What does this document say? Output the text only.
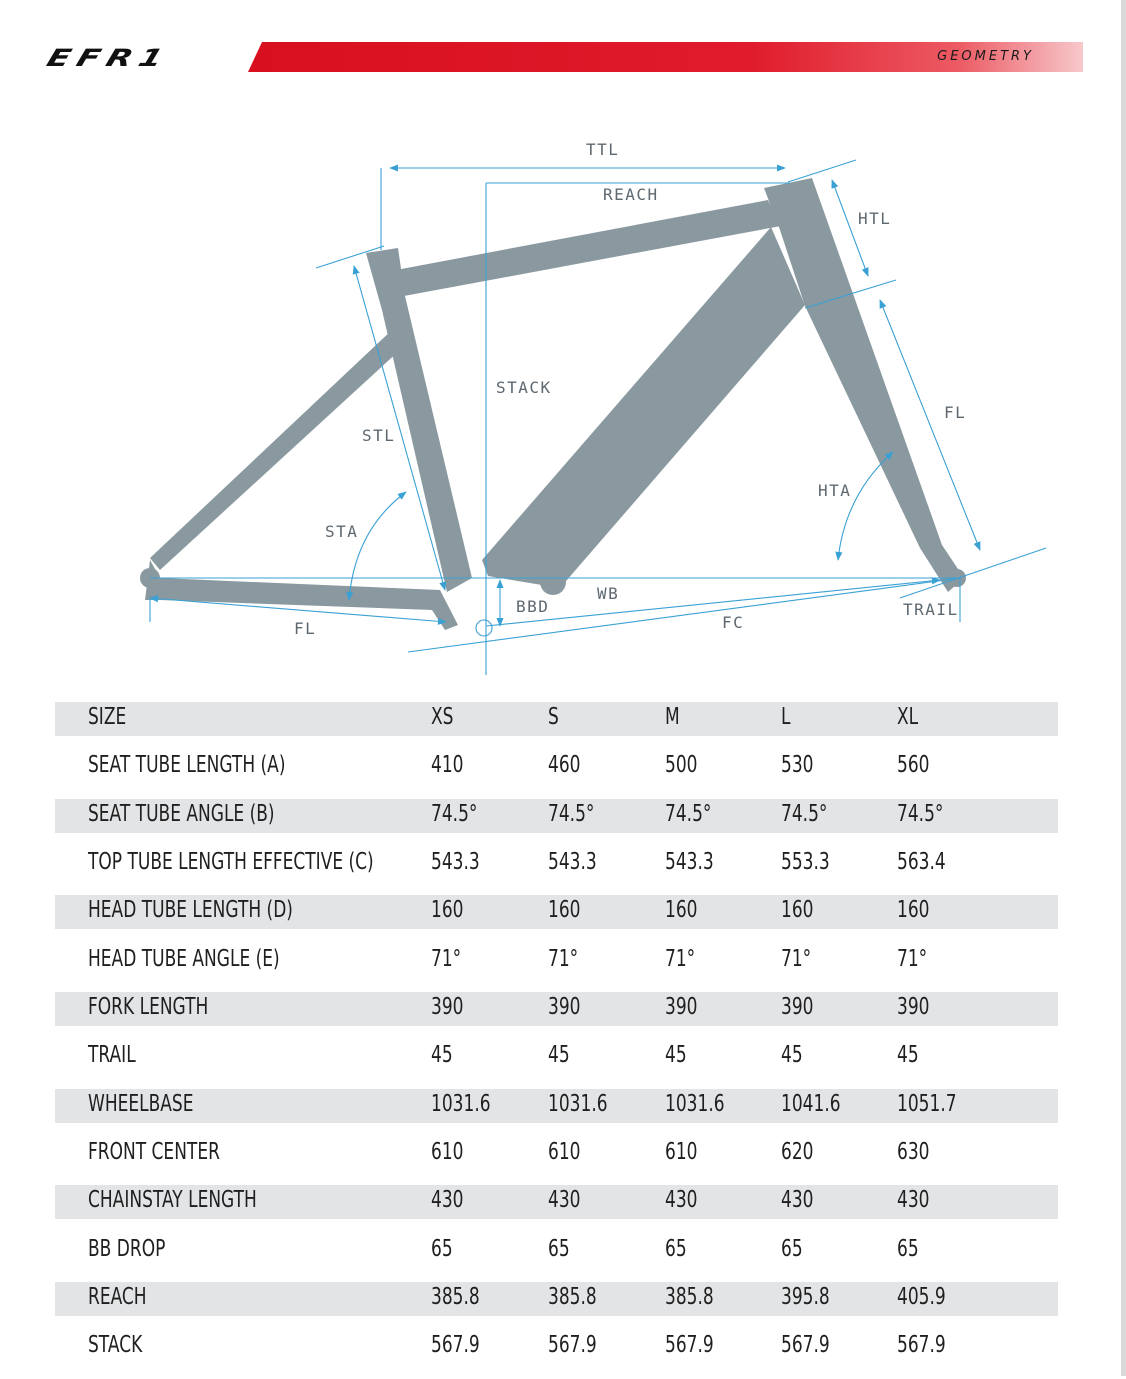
EFR1	GEOMETRY
TTL
REACH
HTL
STACK
STL
FL
HTA
STA
BBD
WB
FL	FC
TRAIL
SIZE	XS	S	M	L	XL
SEAT TUBE LENGTH (A)	410	460	500	530	560
SEAT TUBE ANGLE (B)	74.5°	74.5°	74.5°	74.5°	74.5°
TOP TUBE LENGTH EFFECTIVE (C) 543.3	543.3	543.3	553.3	563.4
HEAD TUBE LENGTH (D)	160	160	160	160	160
HEAD TUBE ANGLE (E)	71°	71°	71°	71°	71°
FORK LENGTH	390	390	390	390	390
TRAIL	45	45	45	45	45
WHEELBASE	1031.6 1031.6 1031.6 1041.6 1051.7
FRONT CENTER	610	610	610	620	630
CHAINSTAY LENGTH	430	430	430	430	430
BB DROP	65	65	65	65	65
REACH	385.8	385.8	385.8	395.8	405.9
STACK	567.9	567.9	567.9	567.9	567.9
